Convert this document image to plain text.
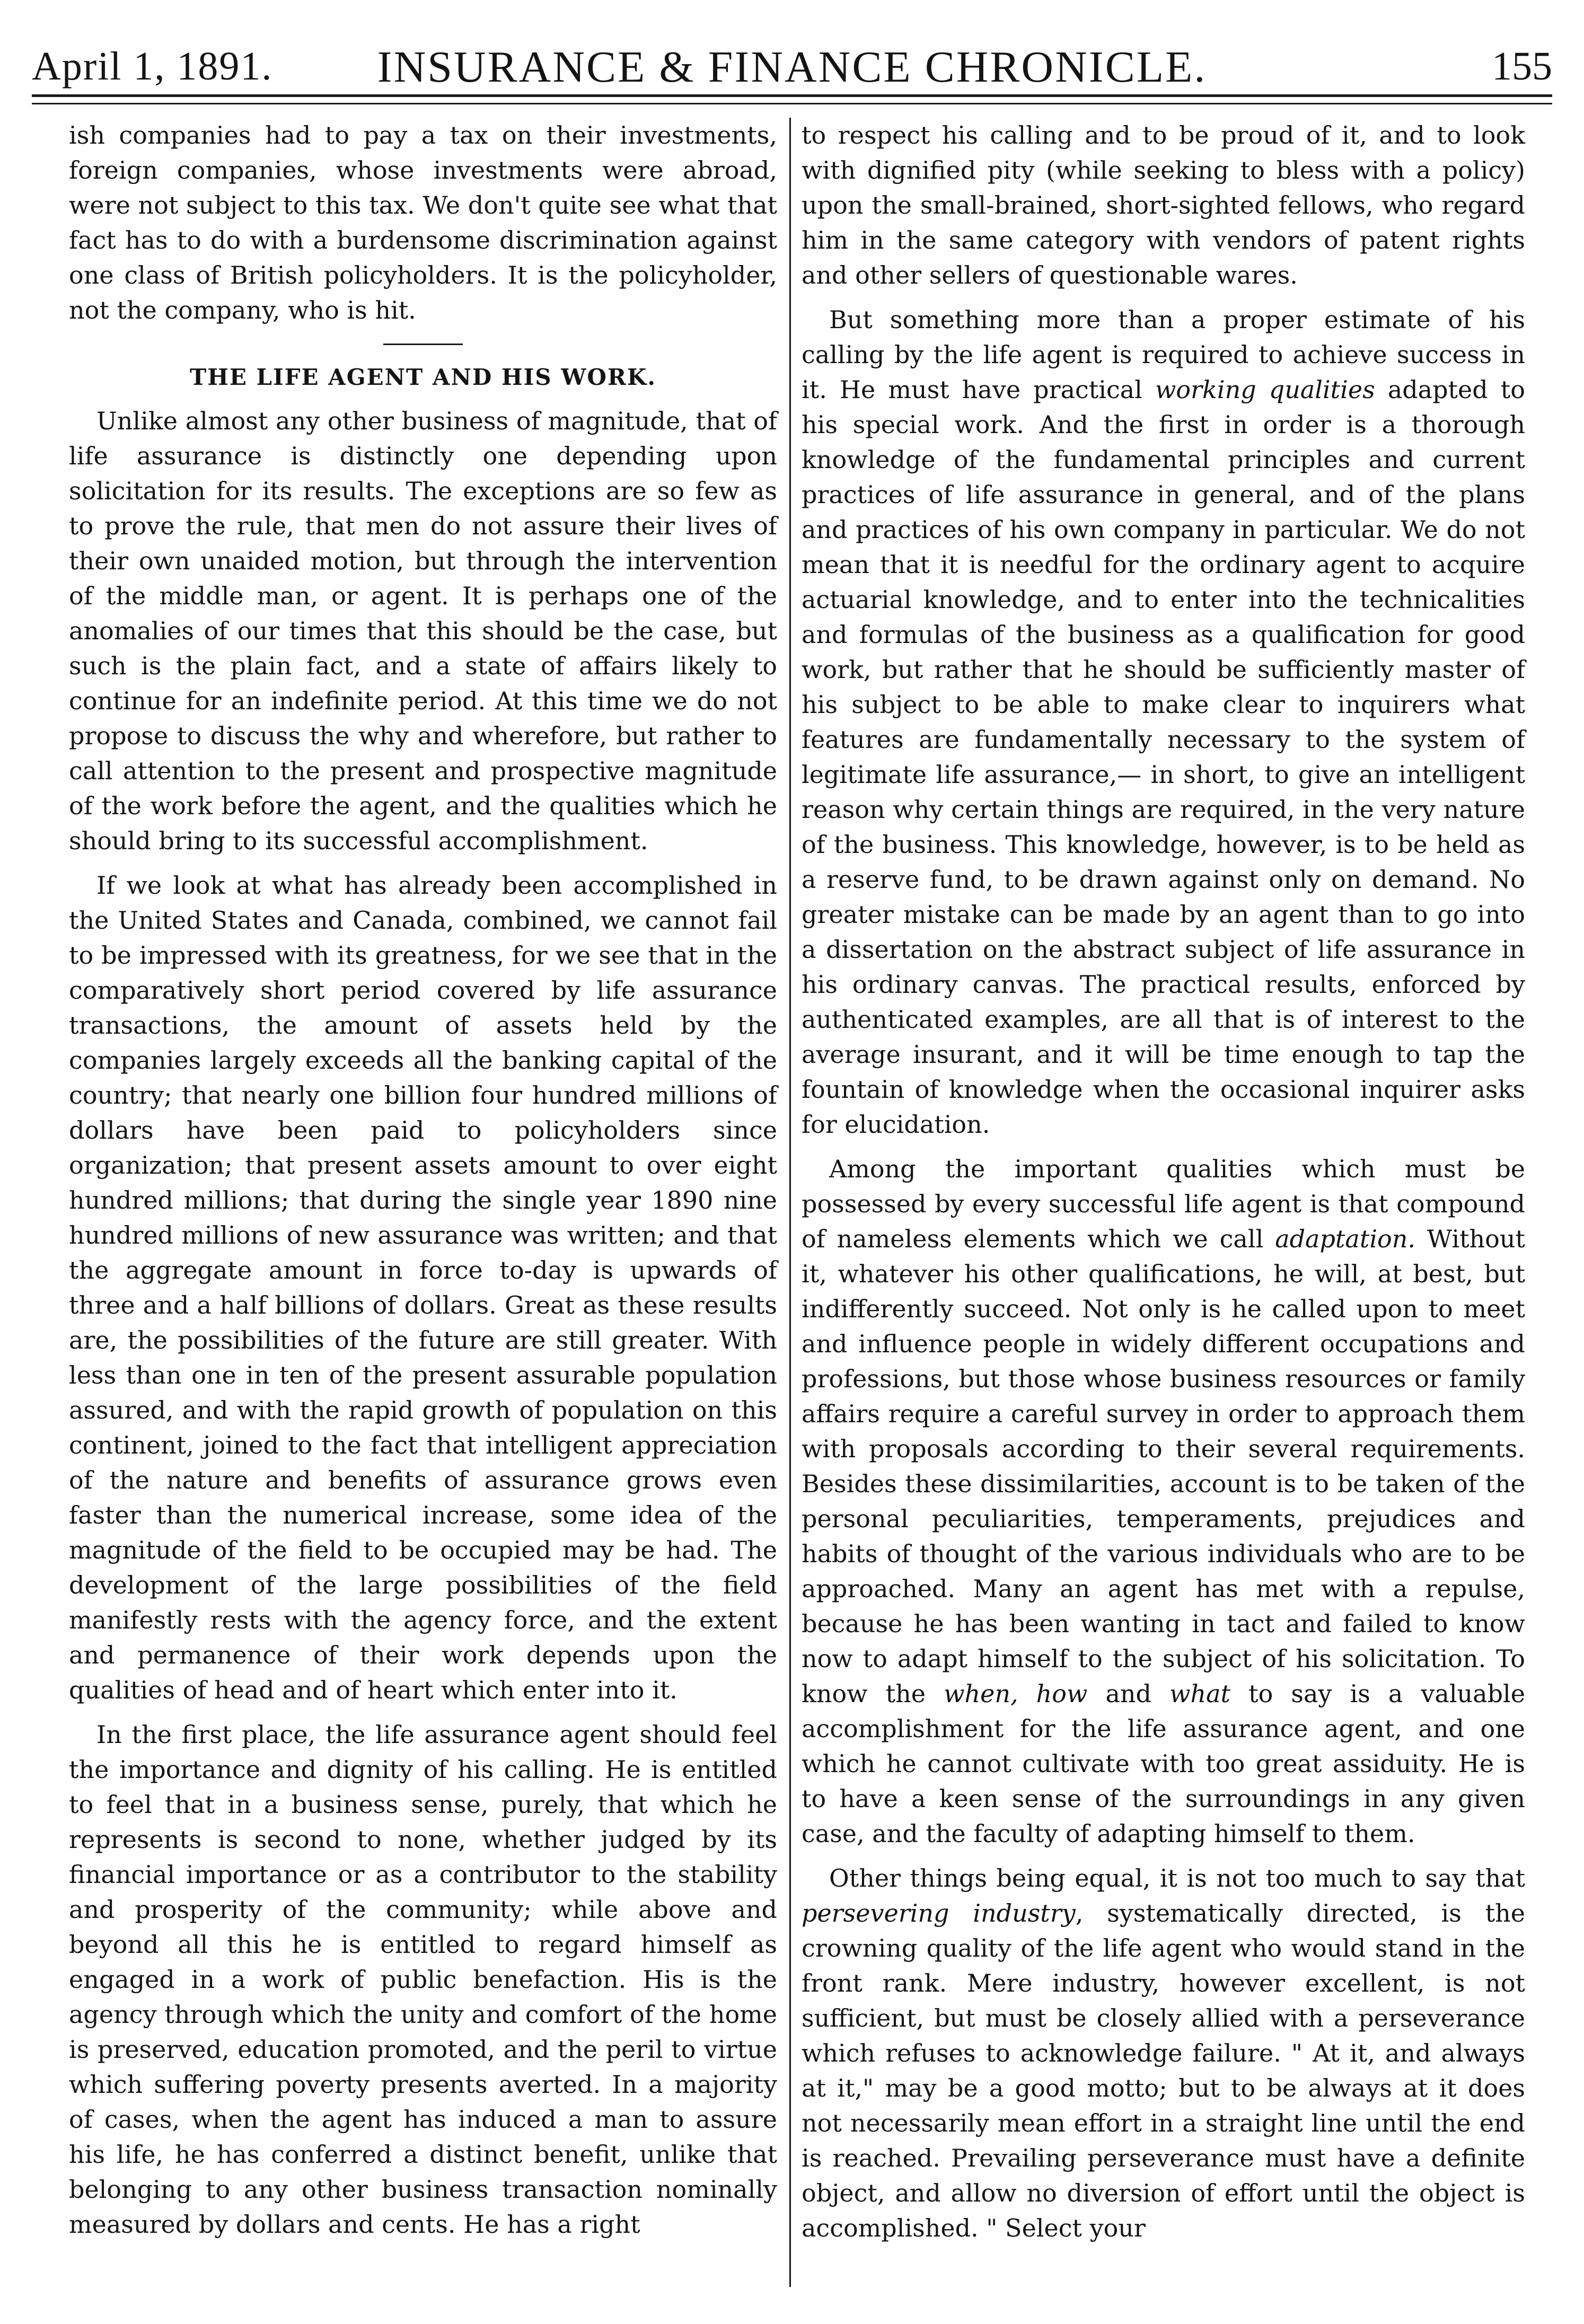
April 1, 1891.	INSURANCE & FINANCE CHRONICLE.	155

ish companies had to pay a tax on their investments, foreign companies, whose investments were abroad, were not subject to this tax. We don't quite see what that fact has to do with a burdensome discrimination against one class of British policyholders. It is the policyholder, not the company, who is hit.

THE LIFE AGENT AND HIS WORK.

Unlike almost any other business of magnitude, that of life assurance is distinctly one depending upon solicitation for its results. The exceptions are so few as to prove the rule, that men do not assure their lives of their own unaided motion, but through the intervention of the middle man, or agent. It is perhaps one of the anomalies of our times that this should be the case, but such is the plain fact, and a state of affairs likely to continue for an indefinite period. At this time we do not propose to discuss the why and wherefore, but rather to call attention to the present and prospective magnitude of the work before the agent, and the qualities which he should bring to its successful accomplishment.

If we look at what has already been accomplished in the United States and Canada, combined, we cannot fail to be impressed with its greatness, for we see that in the comparatively short period covered by life assurance transactions, the amount of assets held by the companies largely exceeds all the banking capital of the country; that nearly one billion four hundred millions of dollars have been paid to policyholders since organization; that present assets amount to over eight hundred millions; that during the single year 1890 nine hundred millions of new assurance was written; and that the aggregate amount in force to-day is upwards of three and a half billions of dollars. Great as these results are, the possibilities of the future are still greater. With less than one in ten of the present assurable population assured, and with the rapid growth of population on this continent, joined to the fact that intelligent appreciation of the nature and benefits of assurance grows even faster than the numerical increase, some idea of the magnitude of the field to be occupied may be had. The development of the large possibilities of the field manifestly rests with the agency force, and the extent and permanence of their work depends upon the qualities of head and of heart which enter into it.

In the first place, the life assurance agent should feel the importance and dignity of his calling. He is entitled to feel that in a business sense, purely, that which he represents is second to none, whether judged by its financial importance or as a contributor to the stability and prosperity of the community; while above and beyond all this he is entitled to regard himself as engaged in a work of public benefaction. His is the agency through which the unity and comfort of the home is preserved, education promoted, and the peril to virtue which suffering poverty presents averted. In a majority of cases, when the agent has induced a man to assure his life, he has conferred a distinct benefit, unlike that belonging to any other business transaction nominally measured by dollars and cents. He has a right

to respect his calling and to be proud of it, and to look with dignified pity (while seeking to bless with a policy) upon the small-brained, short-sighted fellows, who regard him in the same category with vendors of patent rights and other sellers of questionable wares.

But something more than a proper estimate of his calling by the life agent is required to achieve success in it. He must have practical working qualities adapted to his special work. And the first in order is a thorough knowledge of the fundamental principles and current practices of life assurance in general, and of the plans and practices of his own company in particular. We do not mean that it is needful for the ordinary agent to acquire actuarial knowledge, and to enter into the technicalities and formulas of the business as a qualification for good work, but rather that he should be sufficiently master of his subject to be able to make clear to inquirers what features are fundamentally necessary to the system of legitimate life assurance,— in short, to give an intelligent reason why certain things are required, in the very nature of the business. This knowledge, however, is to be held as a reserve fund, to be drawn against only on demand. No greater mistake can be made by an agent than to go into a dissertation on the abstract subject of life assurance in his ordinary canvas. The practical results, enforced by authenticated examples, are all that is of interest to the average insurant, and it will be time enough to tap the fountain of knowledge when the occasional inquirer asks for elucidation.

Among the important qualities which must be possessed by every successful life agent is that compound of nameless elements which we call adaptation. Without it, whatever his other qualifications, he will, at best, but indifferently succeed. Not only is he called upon to meet and influence people in widely different occupations and professions, but those whose business resources or family affairs require a careful survey in order to approach them with proposals according to their several requirements. Besides these dissimilarities, account is to be taken of the personal peculiarities, temperaments, prejudices and habits of thought of the various individuals who are to be approached. Many an agent has met with a repulse, because he has been wanting in tact and failed to know now to adapt himself to the subject of his solicitation. To know the when, how and what to say is a valuable accomplishment for the life assurance agent, and one which he cannot cultivate with too great assiduity. He is to have a keen sense of the surroundings in any given case, and the faculty of adapting himself to them.

Other things being equal, it is not too much to say that persevering industry, systematically directed, is the crowning quality of the life agent who would stand in the front rank. Mere industry, however excellent, is not sufficient, but must be closely allied with a perseverance which refuses to acknowledge failure. " At it, and always at it," may be a good motto; but to be always at it does not necessarily mean effort in a straight line until the end is reached. Prevailing perseverance must have a definite object, and allow no diversion of effort until the object is accomplished. " Select your
